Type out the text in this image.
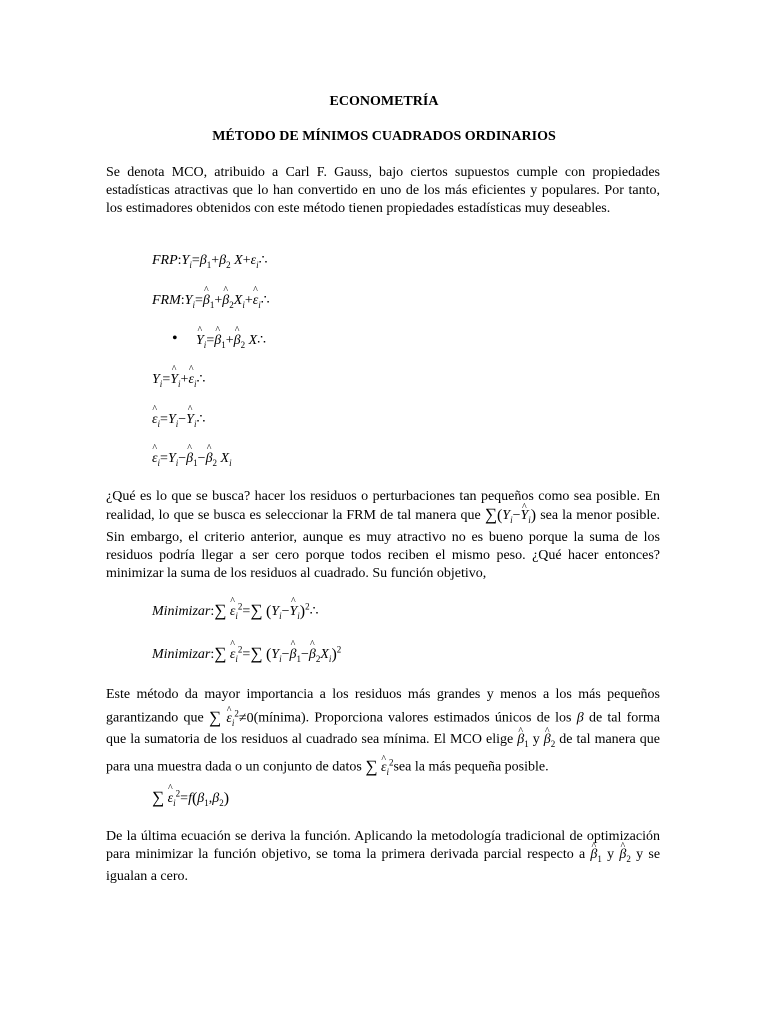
ECONOMETRÍA
MÉTODO DE MÍNIMOS CUADRADOS ORDINARIOS
Se denota MCO, atribuido a Carl F. Gauss, bajo ciertos supuestos cumple con propiedades estadísticas atractivas que lo han convertido en uno de los más eficientes y populares. Por tanto, los estimadores obtenidos con este método tienen propiedades estadísticas muy deseables.
$FRP:Y_i=\beta_1+\beta_2$ $X+\varepsilon_i\therefore$
$FRM:Y_i=\^{}$ $\beta_1+\^{}$ $\beta_2X_i+\^{}$ $\varepsilon_i\therefore$
• ^ $Y_i=\^{}$ $\beta_1+\^{}$ $\beta_2$ X∴
$Y_i=\^{}$ $Y_i+\^{}$ $\varepsilon_i\therefore$
^ $\varepsilon_i=Y_i-\^{}$ $Y_i\therefore$
^ $\varepsilon_i=Y_i-\^{}$ $\beta_1-\^{}$ $\beta_2$ $X_i$
¿Qué es lo que se busca? hacer los residuos o perturbaciones tan pequeños como sea posible. En realidad, lo que se busca es seleccionar la FRM de tal manera que $\sum(Y_i-\^{}$ $Y_i$) sea la menor posible. Sin embargo, el criterio anterior, aunque es muy atractivo no es bueno porque la suma de los residuos podría llegar a ser cero porque todos reciben el mismo peso. ¿Qué hacer entonces? minimizar la suma de los residuos al cuadrado. Su función objetivo,
Minimizar:∑ ^ $\varepsilon_i^2=\sum$ ($Y_i-\^{}$ $Y_i)^2\therefore$
Minimizar:∑ ^ $\varepsilon_i^2=\sum$ ($Y_i-\^{}$ $\beta_1-\^{}$ $\beta_2X_i)^2$
Este método da mayor importancia a los residuos más grandes y menos a los más pequeños garantizando que ∑ ^ $\varepsilon_i^2\ne 0(mínima)$. Proporciona valores estimados únicos de los β de tal forma que la sumatoria de los residuos al cuadrado sea mínima. El MCO elige ^ $\beta_1$ y ^ $\beta_2$ de tal manera que para una muestra dada o un conjunto de datos ∑ ^ $\varepsilon_i^2sea$ la más pequeña posible.
∑ ^ $\varepsilon_i^2=f(\beta_1,\beta_2)$
De la última ecuación se deriva la función. Aplicando la metodología tradicional de optimización para minimizar la función objetivo, se toma la primera derivada parcial respecto a ^ $\beta_1$ y ^ $\beta_2$ y se igualan a cero.
